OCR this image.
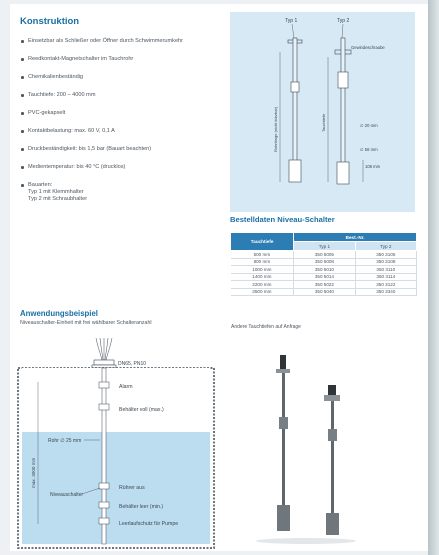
Konstruktion
Einsetzbar als Schließer oder Öffner durch Schwimmerumkehr
Reedkontakt-Magnetschalter im Tauchrohr
Chemikalienbeständig
Tauchtiefe: 200 – 4000 mm
PVC-gekapselt
Kontaktbelastung: max. 60 V, 0,1 A
Druckbeständigkeit: bis 1,5 bar (Bauart beachten)
Medientemperatur: bis 40 °C (drucklos)
Bauarten:
Typ 1 mit Klemmhalter
Typ 2 mit Schraubhalter
Typ 1	Typ 2
Gewindeschraube
Rohrlänge (nicht kürzbar)	Tauchtiefe	∅ 20 mm
∅ 56 mm
108 mm
Bestelldaten Niveau-Schalter
Tauchtiefe	Best.-Nr.	
	Typ 1	Typ 2
500 mm	350 5005	350 3105
800 mm	350 5008	350 3108
1000 mm	350 5010	350 3110
1400 mm	350 5014	350 3114
2200 mm	350 5022	350 3122
3500 mm	350 5040	350 3340
Andere Tauchtiefen auf Anfrage
Anwendungsbeispiel
Niveauschalter-Einheit mit frei wählbarer Schalteranzahl
DN65, PN10
Alarm
Behälter voll (max.)
Rohr ∅ 25 mm
Niveauschalter
Rührer aus
Behälter leer (min.)
Leerlaufschutz für Pumpe
max. 3000 mm
